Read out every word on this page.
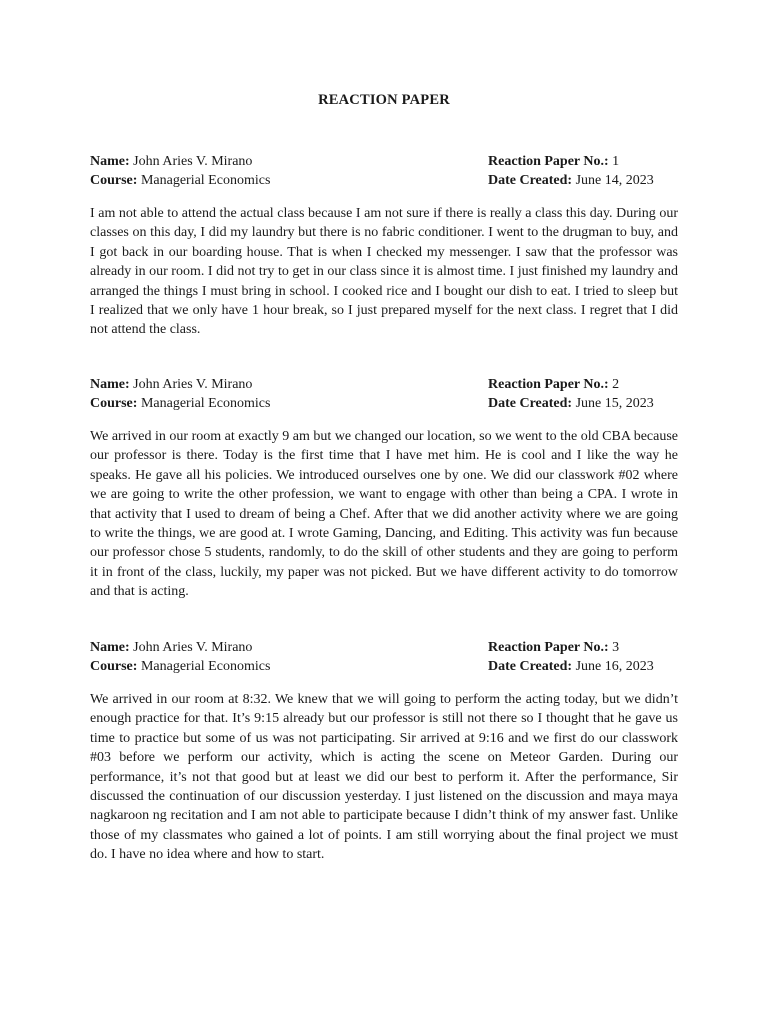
REACTION PAPER
Name: John Aries V. Mirano	Reaction Paper No.: 1
Course: Managerial Economics	Date Created: June 14, 2023
I am not able to attend the actual class because I am not sure if there is really a class this day. During our classes on this day, I did my laundry but there is no fabric conditioner. I went to the drugman to buy, and I got back in our boarding house. That is when I checked my messenger. I saw that the professor was already in our room. I did not try to get in our class since it is almost time. I just finished my laundry and arranged the things I must bring in school. I cooked rice and I bought our dish to eat. I tried to sleep but I realized that we only have 1 hour break, so I just prepared myself for the next class. I regret that I did not attend the class.
Name: John Aries V. Mirano	Reaction Paper No.: 2
Course: Managerial Economics	Date Created: June 15, 2023
We arrived in our room at exactly 9 am but we changed our location, so we went to the old CBA because our professor is there. Today is the first time that I have met him. He is cool and I like the way he speaks. He gave all his policies. We introduced ourselves one by one. We did our classwork #02 where we are going to write the other profession, we want to engage with other than being a CPA. I wrote in that activity that I used to dream of being a Chef. After that we did another activity where we are going to write the things, we are good at. I wrote Gaming, Dancing, and Editing. This activity was fun because our professor chose 5 students, randomly, to do the skill of other students and they are going to perform it in front of the class, luckily, my paper was not picked. But we have different activity to do tomorrow and that is acting.
Name: John Aries V. Mirano	Reaction Paper No.: 3
Course: Managerial Economics	Date Created: June 16, 2023
We arrived in our room at 8:32. We knew that we will going to perform the acting today, but we didn’t enough practice for that. It’s 9:15 already but our professor is still not there so I thought that he gave us time to practice but some of us was not participating. Sir arrived at 9:16 and we first do our classwork #03 before we perform our activity, which is acting the scene on Meteor Garden. During our performance, it’s not that good but at least we did our best to perform it. After the performance, Sir discussed the continuation of our discussion yesterday. I just listened on the discussion and maya maya nagkaroon ng recitation and I am not able to participate because I didn’t think of my answer fast. Unlike those of my classmates who gained a lot of points. I am still worrying about the final project we must do. I have no idea where and how to start.
